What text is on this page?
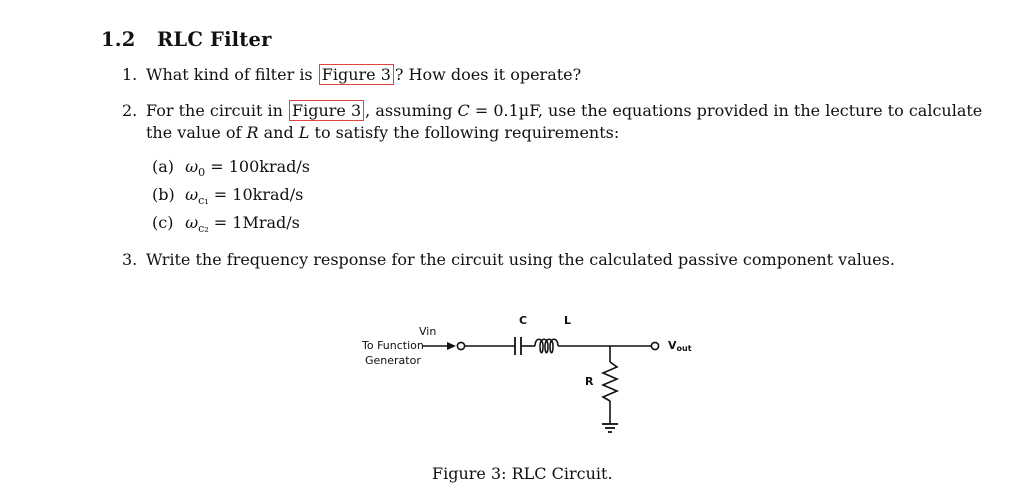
1.2 RLC Filter
1. What kind of filter is Figure 3 ? How does it operate?
2. For the circuit in Figure 3 , assuming C = 0.1µF, use the equations provided in the lecture to calculate
the value of R and L to satisfy the following requirements:
(a) $\omega_0$ = 100krad/s
(b) $\omega_{c_1}$ = 10krad/s
(c) $\omega_{c_2}$ = 1Mrad/s
3. Write the frequency response for the circuit using the calculated passive component values.
Vin
To Function
Generator
C	L
R
Vout
Figure 3: RLC Circuit.
